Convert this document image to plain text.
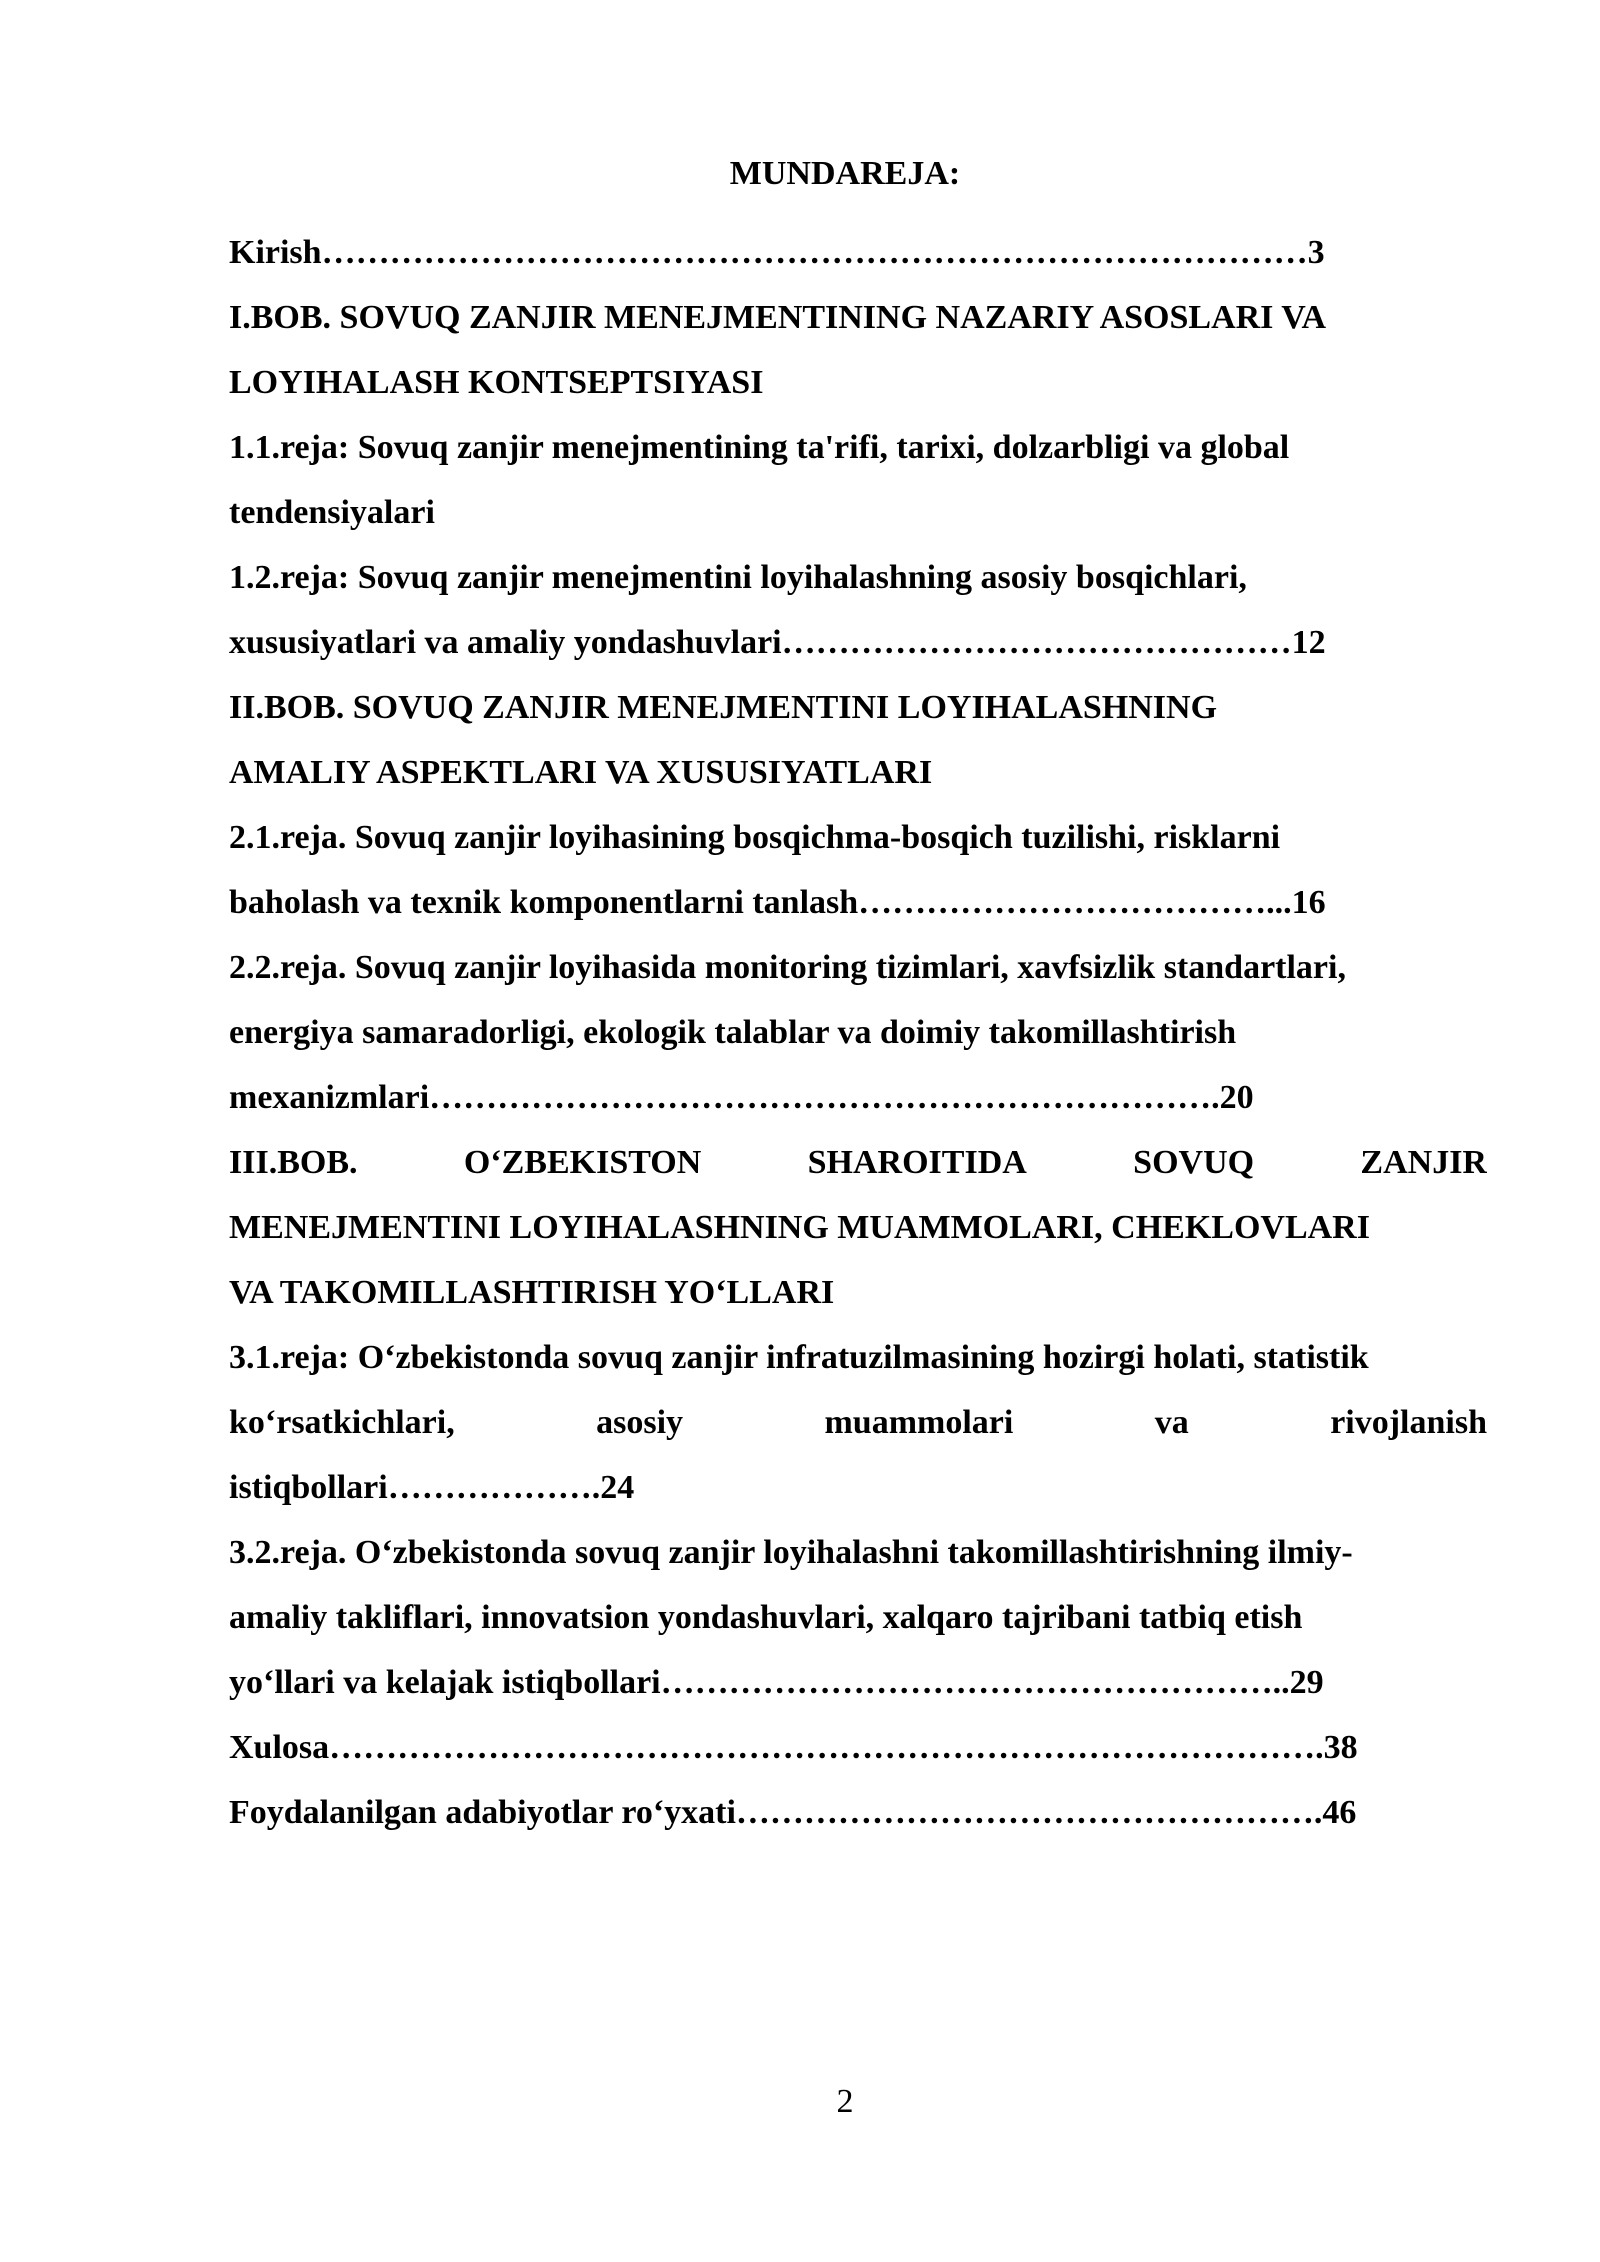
MUNDAREJA:
Kirish……………………………………………………………………………3
I.BOB. SOVUQ ZANJIR MENEJMENTINING NAZARIY ASOSLARI VA
LOYIHALASH KONTSEPTSIYASI
1.1.reja: Sovuq zanjir menejmentining ta'rifi, tarixi, dolzarbligi va global
tendensiyalari
1.2.reja: Sovuq zanjir menejmentini loyihalashning asosiy bosqichlari,
xususiyatlari va amaliy yondashuvlari………………………………………12
II.BOB. SOVUQ ZANJIR MENEJMENTINI LOYIHALASHNING
AMALIY ASPEKTLARI VA XUSUSIYATLARI
2.1.reja. Sovuq zanjir loyihasining bosqichma-bosqich tuzilishi, risklarni
baholash va texnik komponentlarni tanlash………………………………...16
2.2.reja. Sovuq zanjir loyihasida monitoring tizimlari, xavfsizlik standartlari,
energiya samaradorligi, ekologik talablar va doimiy takomillashtirish
mexanizmlari…………………………………………………………….20
III.BOB.	O‘ZBEKISTON	SHAROITIDA	SOVUQ	ZANJIR
MENEJMENTINI LOYIHALASHNING MUAMMOLARI, CHEKLOVLARI
VA TAKOMILLASHTIRISH YO‘LLARI
3.1.reja: O‘zbekistonda sovuq zanjir infratuzilmasining hozirgi holati, statistik
ko‘rsatkichlari,	asosiy	muammolari	va	rivojlanish
istiqbollari……………….24
3.2.reja. O‘zbekistonda sovuq zanjir loyihalashni takomillashtirishning ilmiy-
amaliy takliflari, innovatsion yondashuvlari, xalqaro tajribani tatbiq etish
yo‘llari va kelajak istiqbollari………………………………………………..29
Xulosa…………………………………………………………………………….38
Foydalanilgan adabiyotlar ro‘yxati…………………………………………….46
2
